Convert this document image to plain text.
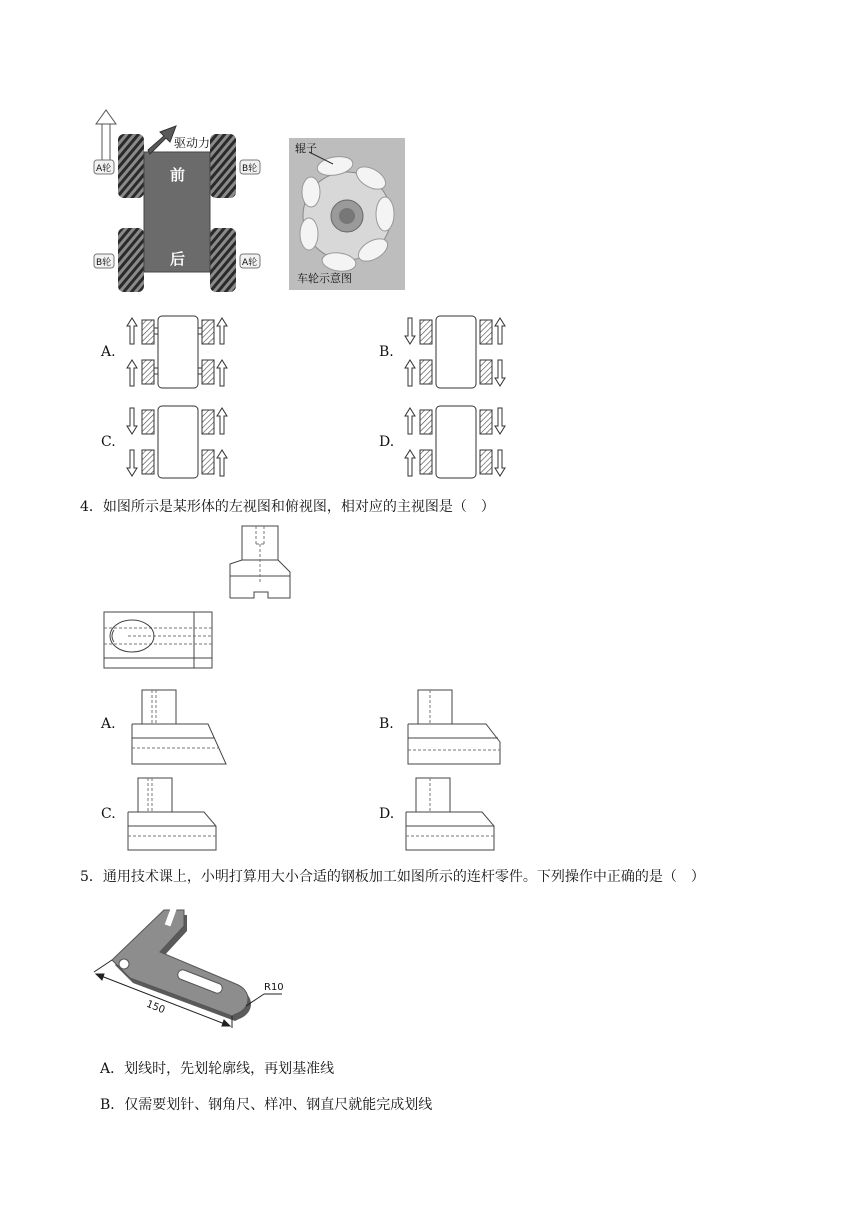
驱动力
前
后
A轮	B轮
B轮	A轮
辊子
车轮示意图
A.	B.
C.	D.
4．如图所示是某形体的左视图和俯视图，相对应的主视图是（　）
A.	B.
C.	D.
5．通用技术课上，小明打算用大小合适的钢板加工如图所示的连杆零件。下列操作中正确的是（　）
150
R10
A．划线时，先划轮廓线，再划基准线
B．仅需要划针、钢角尺、样冲、钢直尺就能完成划线
